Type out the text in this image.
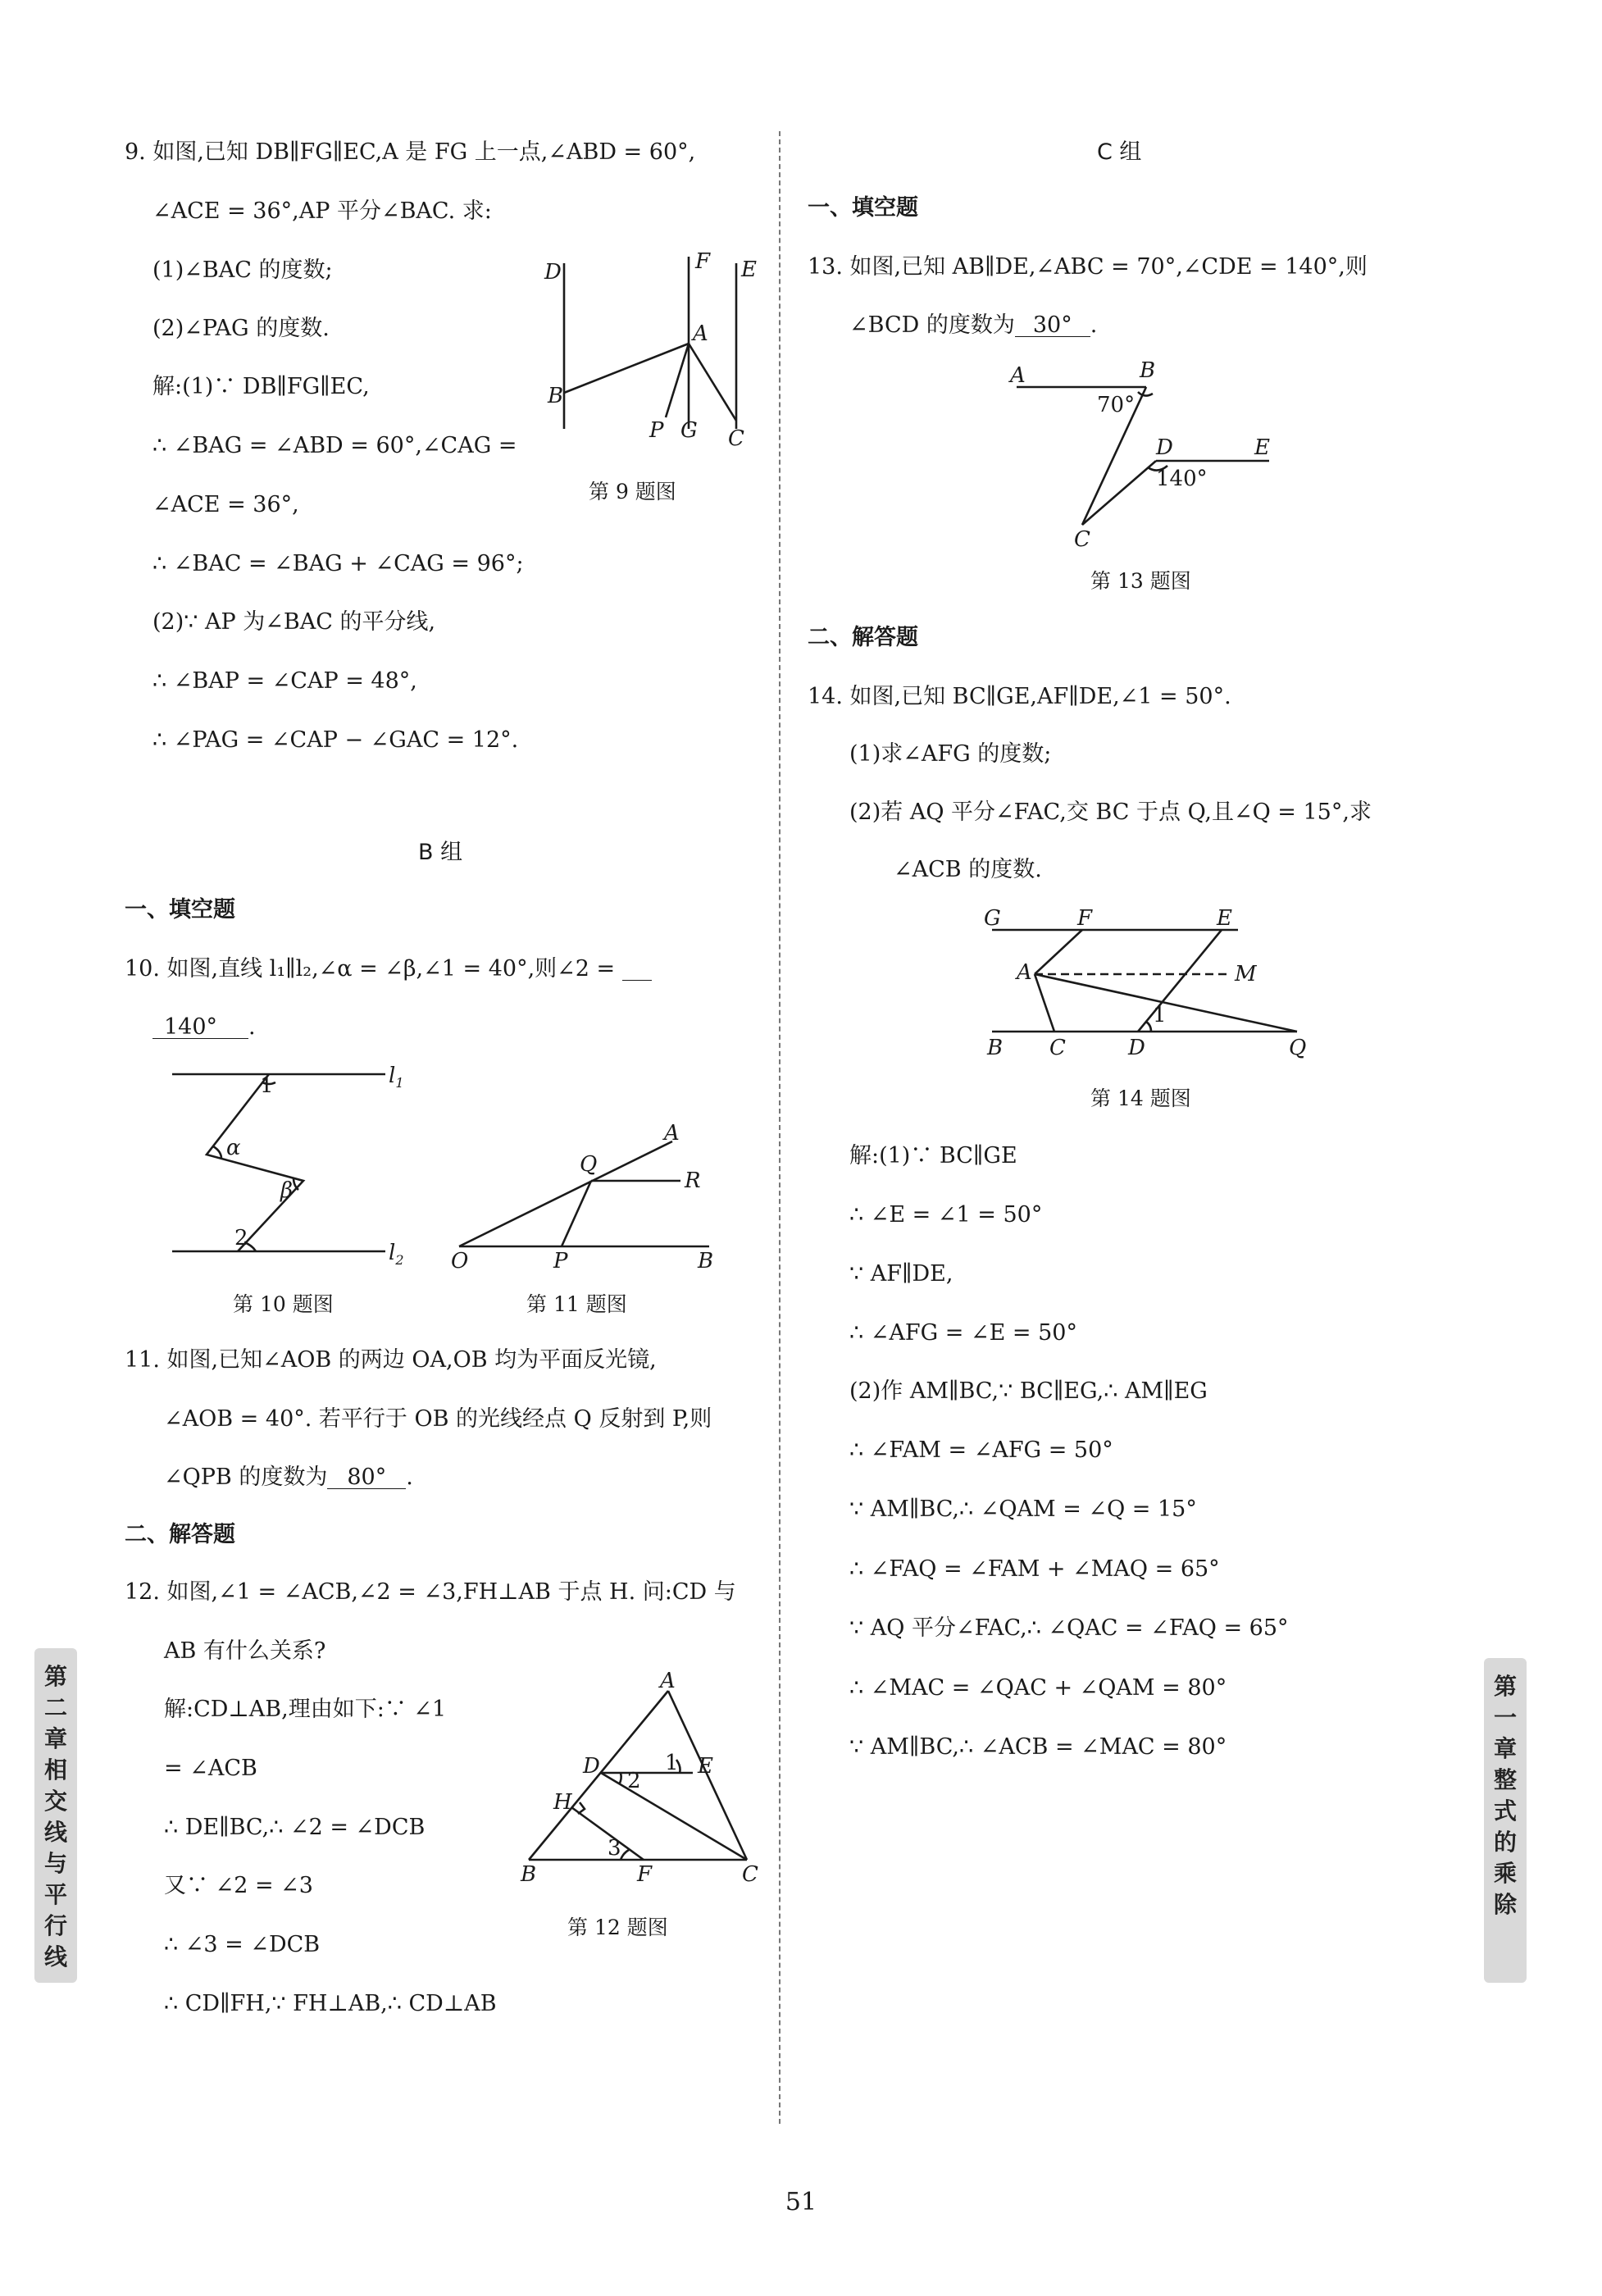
9. 如图,已知 DB∥FG∥EC,A 是 FG 上一点,∠ABD = 60°,
∠ACE = 36°,AP 平分∠BAC. 求:
(1)∠BAC 的度数;
(2)∠PAG 的度数.
解:(1)∵ DB∥FG∥EC,
∴ ∠BAG = ∠ABD = 60°,∠CAG =
∠ACE = 36°,
∴ ∠BAC = ∠BAG + ∠CAG = 96°;
(2)∵ AP 为∠BAC 的平分线,
∴ ∠BAP = ∠CAP = 48°,
∴ ∠PAG = ∠CAP − ∠GAC = 12°.
D	F E
A
B
P G C
第 9 题图
B 组
一、填空题
10. 如图,直线 l₁∥l₂,∠α = ∠β,∠1 = 40°,则∠2 =
140° .
1	$l_1$
α
β
2
$l_2$
第 10 题图
A
Q
R
O	P	B
第 11 题图
11. 如图,已知∠AOB 的两边 OA,OB 均为平面反光镜,
∠AOB = 40°. 若平行于 OB 的光线经点 Q 反射到 P,则
∠QPB 的度数为 80° .
二、解答题
12. 如图,∠1 = ∠ACB,∠2 = ∠3,FH⊥AB 于点 H. 问:CD 与
AB 有什么关系?
解:CD⊥AB,理由如下:∵ ∠1
= ∠ACB
∴ DE∥BC,∴ ∠2 = ∠DCB
又∵ ∠2 = ∠3
∴ ∠3 = ∠DCB
∴ CD∥FH,∵ FH⊥AB,∴ CD⊥AB
A
D	1 E
2
H
3
B	F	C
第 12 题图
第二章 相交线与平行线
C 组
一、填空题
13. 如图,已知 AB∥DE,∠ABC = 70°,∠CDE = 140°,则
∠BCD 的度数为 30° .
A	B
70°
D	E
140°
C
第 13 题图
二、解答题
14. 如图,已知 BC∥GE,AF∥DE,∠1 = 50°.
(1)求∠AFG 的度数;
(2)若 AQ 平分∠FAC,交 BC 于点 Q,且∠Q = 15°,求
∠ACB 的度数.
G	F	E
A	M
1
B C	D	Q
第 14 题图
解:(1)∵ BC∥GE
∴ ∠E = ∠1 = 50°
∵ AF∥DE,
∴ ∠AFG = ∠E = 50°
(2)作 AM∥BC,∵ BC∥EG,∴ AM∥EG
∴ ∠FAM = ∠AFG = 50°
∵ AM∥BC,∴ ∠QAM = ∠Q = 15°
∴ ∠FAQ = ∠FAM + ∠MAQ = 65°
∵ AQ 平分∠FAC,∴ ∠QAC = ∠FAQ = 65°
∴ ∠MAC = ∠QAC + ∠QAM = 80°
∵ AM∥BC,∴ ∠ACB = ∠MAC = 80°
第一章 整式的乘除
51
